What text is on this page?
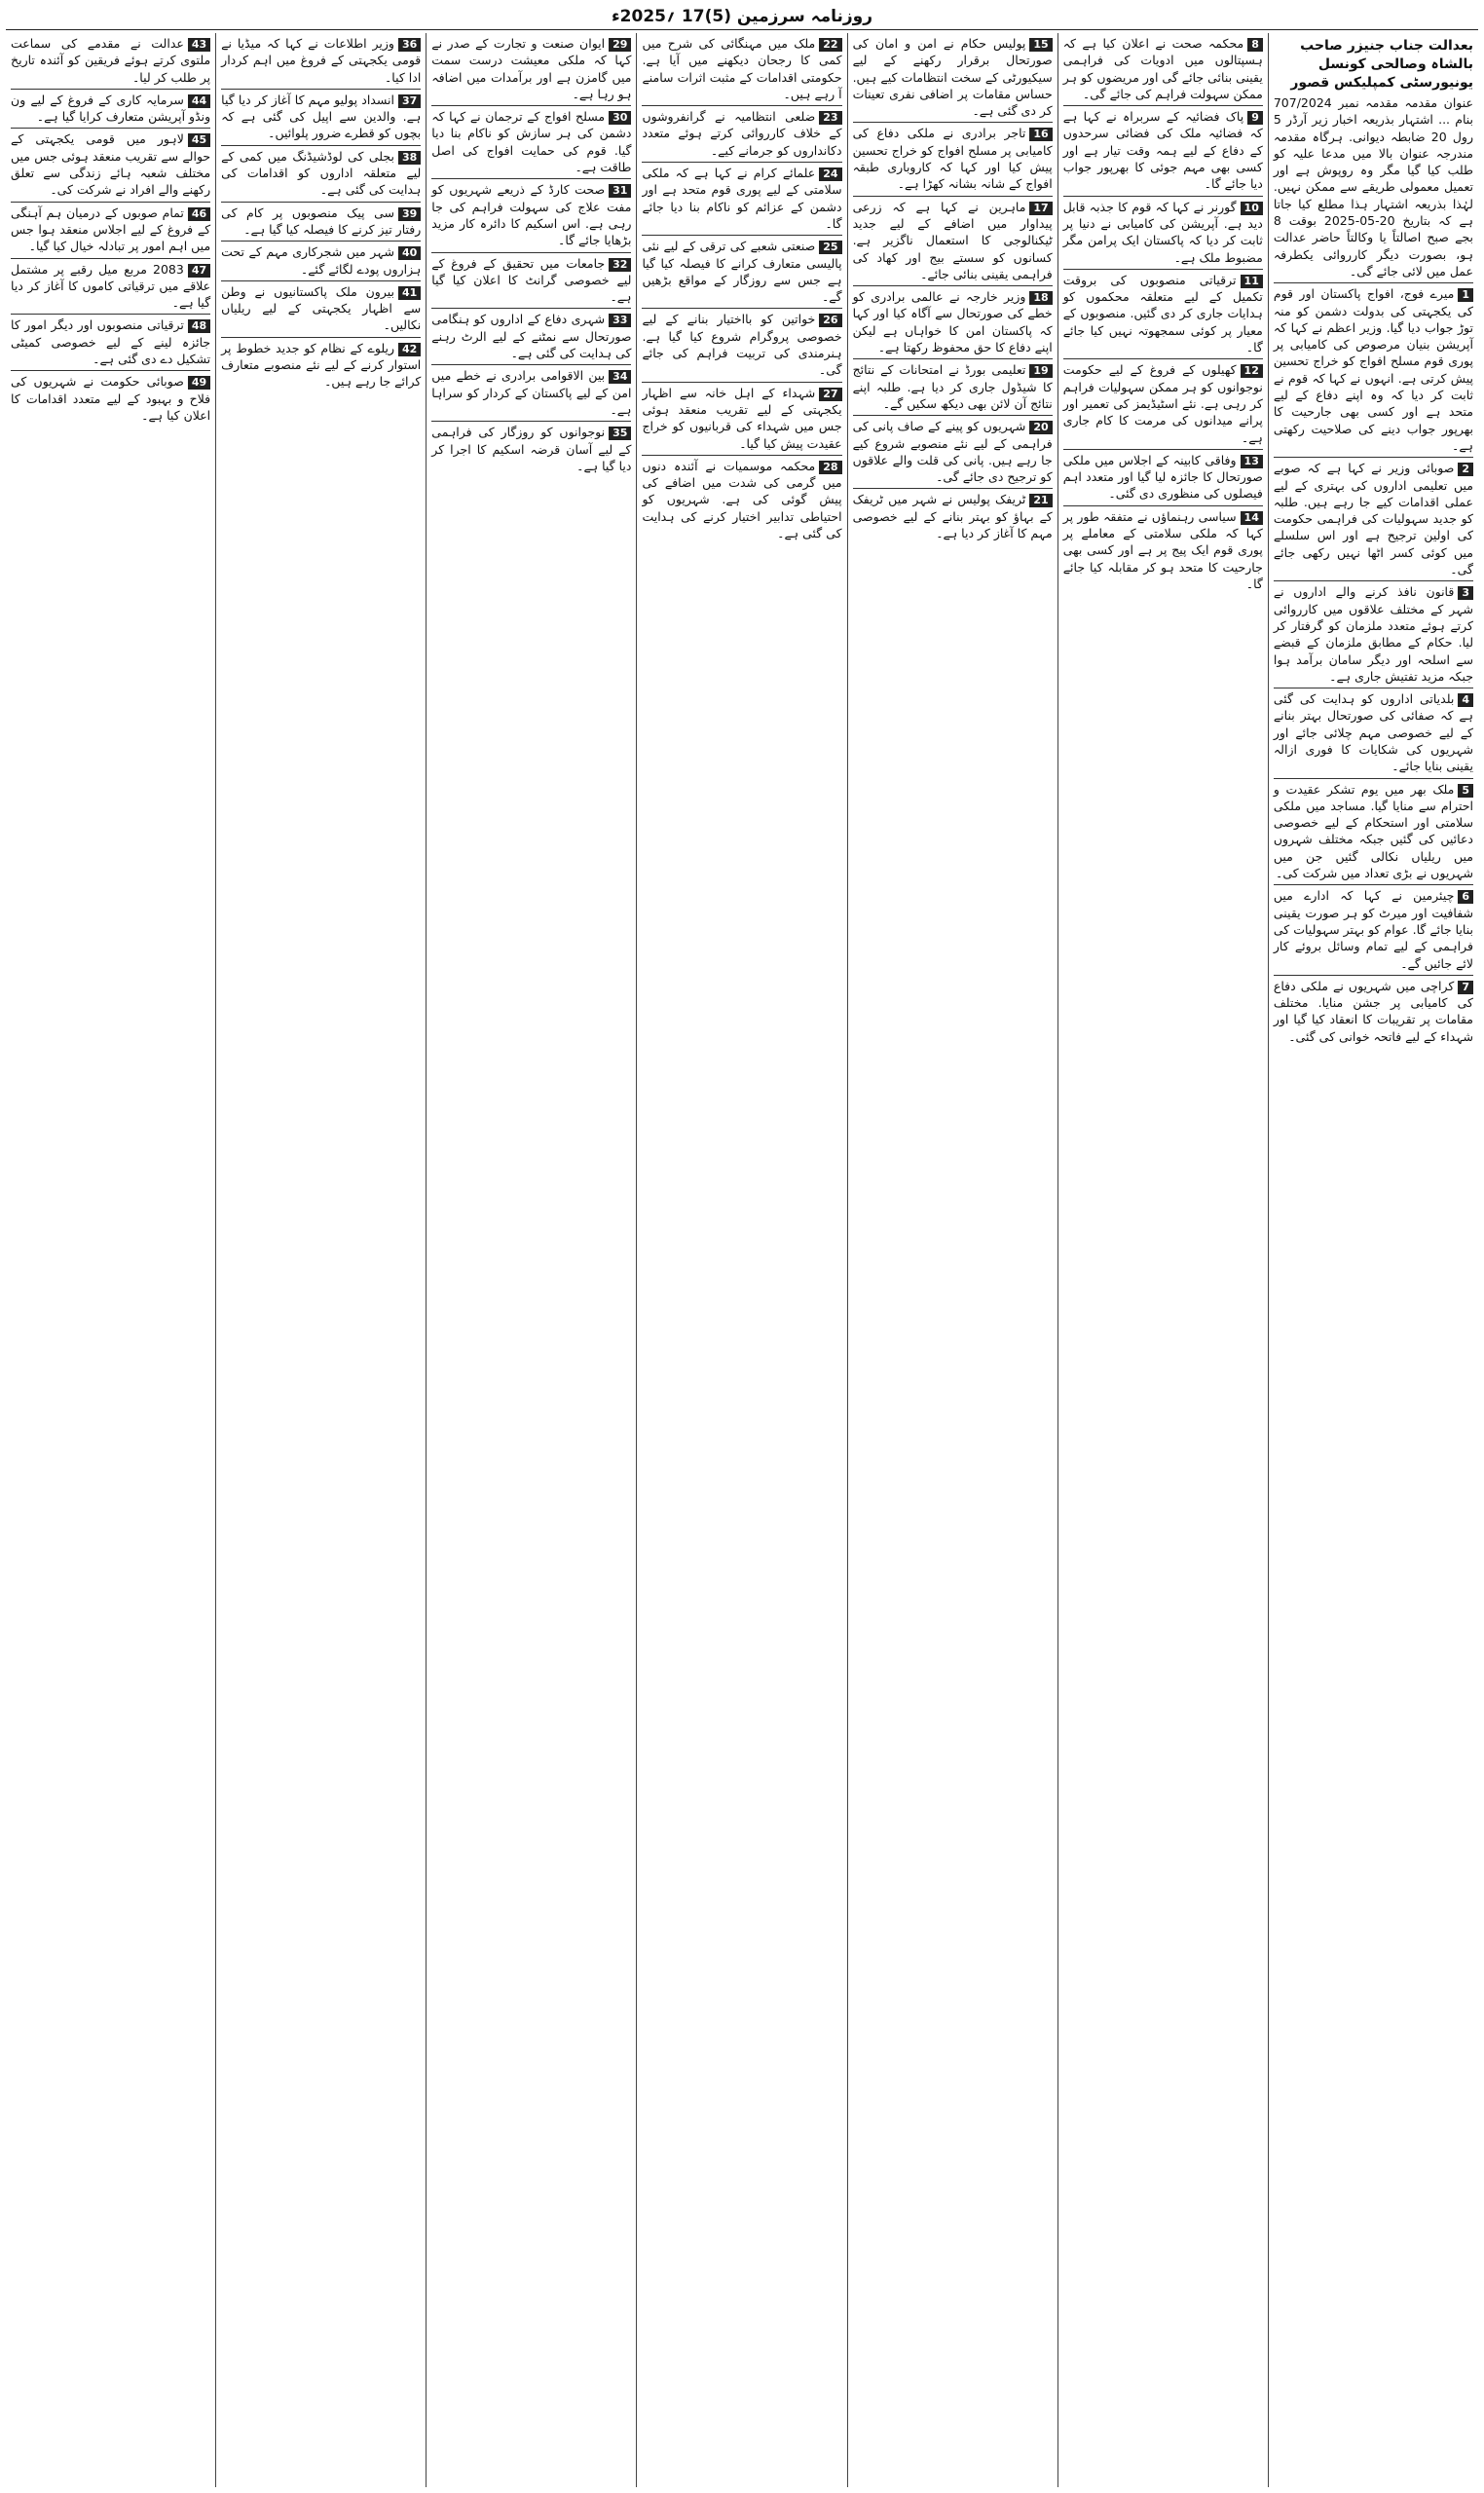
روزنامہ سرزمین (5)17 ؍2025ء
بعدالت جناب جنیزر صاحب بالشاہ وصالحی کونسل یونیورسٹی کمپلیکس قصور
عنوان مقدمہ مقدمہ نمبر 707/2024 بنام ... اشتہار بذریعہ اخبار زیر آرڈر 5 رول 20 ضابطہ دیوانی. ہرگاہ مقدمہ مندرجہ عنوان بالا میں مدعا علیہ کو طلب کیا گیا مگر وہ روپوش ہے اور تعمیل معمولی طریقے سے ممکن نہیں. لہٰذا بذریعہ اشتہار ہذا مطلع کیا جاتا ہے کہ بتاریخ 20-05-2025 بوقت 8 بجے صبح اصالتاً یا وکالتاً حاضر عدالت ہو، بصورت دیگر کارروائی یکطرفہ عمل میں لائی جائے گی۔
1میرے فوج، افواج پاکستان اور قوم کی یکجہتی کی بدولت دشمن کو منہ توڑ جواب دیا گیا. وزیر اعظم نے کہا کہ آپریشن بنیان مرصوص کی کامیابی پر پوری قوم مسلح افواج کو خراج تحسین پیش کرتی ہے. انہوں نے کہا کہ قوم نے ثابت کر دیا کہ وہ اپنے دفاع کے لیے متحد ہے اور کسی بھی جارحیت کا بھرپور جواب دینے کی صلاحیت رکھتی ہے۔
2صوبائی وزیر نے کہا ہے کہ صوبے میں تعلیمی اداروں کی بہتری کے لیے عملی اقدامات کیے جا رہے ہیں. طلبہ کو جدید سہولیات کی فراہمی حکومت کی اولین ترجیح ہے اور اس سلسلے میں کوئی کسر اٹھا نہیں رکھی جائے گی۔
3قانون نافذ کرنے والے اداروں نے شہر کے مختلف علاقوں میں کارروائی کرتے ہوئے متعدد ملزمان کو گرفتار کر لیا. حکام کے مطابق ملزمان کے قبضے سے اسلحہ اور دیگر سامان برآمد ہوا جبکہ مزید تفتیش جاری ہے۔
4بلدیاتی اداروں کو ہدایت کی گئی ہے کہ صفائی کی صورتحال بہتر بنانے کے لیے خصوصی مہم چلائی جائے اور شہریوں کی شکایات کا فوری ازالہ یقینی بنایا جائے۔
5ملک بھر میں یوم تشکر عقیدت و احترام سے منایا گیا. مساجد میں ملکی سلامتی اور استحکام کے لیے خصوصی دعائیں کی گئیں جبکہ مختلف شہروں میں ریلیاں نکالی گئیں جن میں شہریوں نے بڑی تعداد میں شرکت کی۔
6چیئرمین نے کہا کہ ادارے میں شفافیت اور میرٹ کو ہر صورت یقینی بنایا جائے گا. عوام کو بہتر سہولیات کی فراہمی کے لیے تمام وسائل بروئے کار لائے جائیں گے۔
7کراچی میں شہریوں نے ملکی دفاع کی کامیابی پر جشن منایا. مختلف مقامات پر تقریبات کا انعقاد کیا گیا اور شہداء کے لیے فاتحہ خوانی کی گئی۔
8محکمہ صحت نے اعلان کیا ہے کہ ہسپتالوں میں ادویات کی فراہمی یقینی بنائی جائے گی اور مریضوں کو ہر ممکن سہولت فراہم کی جائے گی۔
9پاک فضائیہ کے سربراہ نے کہا ہے کہ فضائیہ ملک کی فضائی سرحدوں کے دفاع کے لیے ہمہ وقت تیار ہے اور کسی بھی مہم جوئی کا بھرپور جواب دیا جائے گا۔
10گورنر نے کہا کہ قوم کا جذبہ قابل دید ہے. آپریشن کی کامیابی نے دنیا پر ثابت کر دیا کہ پاکستان ایک پرامن مگر مضبوط ملک ہے۔
11ترقیاتی منصوبوں کی بروقت تکمیل کے لیے متعلقہ محکموں کو ہدایات جاری کر دی گئیں. منصوبوں کے معیار پر کوئی سمجھوتہ نہیں کیا جائے گا۔
12کھیلوں کے فروغ کے لیے حکومت نوجوانوں کو ہر ممکن سہولیات فراہم کر رہی ہے. نئے اسٹیڈیمز کی تعمیر اور پرانے میدانوں کی مرمت کا کام جاری ہے۔
13وفاقی کابینہ کے اجلاس میں ملکی صورتحال کا جائزہ لیا گیا اور متعدد اہم فیصلوں کی منظوری دی گئی۔
14سیاسی رہنماؤں نے متفقہ طور پر کہا کہ ملکی سلامتی کے معاملے پر پوری قوم ایک پیج پر ہے اور کسی بھی جارحیت کا متحد ہو کر مقابلہ کیا جائے گا۔
15پولیس حکام نے امن و امان کی صورتحال برقرار رکھنے کے لیے سیکیورٹی کے سخت انتظامات کیے ہیں. حساس مقامات پر اضافی نفری تعینات کر دی گئی ہے۔
16تاجر برادری نے ملکی دفاع کی کامیابی پر مسلح افواج کو خراج تحسین پیش کیا اور کہا کہ کاروباری طبقہ افواج کے شانہ بشانہ کھڑا ہے۔
17ماہرین نے کہا ہے کہ زرعی پیداوار میں اضافے کے لیے جدید ٹیکنالوجی کا استعمال ناگزیر ہے. کسانوں کو سستے بیج اور کھاد کی فراہمی یقینی بنائی جائے۔
18وزیر خارجہ نے عالمی برادری کو خطے کی صورتحال سے آگاہ کیا اور کہا کہ پاکستان امن کا خواہاں ہے لیکن اپنے دفاع کا حق محفوظ رکھتا ہے۔
19تعلیمی بورڈ نے امتحانات کے نتائج کا شیڈول جاری کر دیا ہے. طلبہ اپنے نتائج آن لائن بھی دیکھ سکیں گے۔
20شہریوں کو پینے کے صاف پانی کی فراہمی کے لیے نئے منصوبے شروع کیے جا رہے ہیں. پانی کی قلت والے علاقوں کو ترجیح دی جائے گی۔
21ٹریفک پولیس نے شہر میں ٹریفک کے بہاؤ کو بہتر بنانے کے لیے خصوصی مہم کا آغاز کر دیا ہے۔
22ملک میں مہنگائی کی شرح میں کمی کا رجحان دیکھنے میں آیا ہے. حکومتی اقدامات کے مثبت اثرات سامنے آ رہے ہیں۔
23ضلعی انتظامیہ نے گرانفروشوں کے خلاف کارروائی کرتے ہوئے متعدد دکانداروں کو جرمانے کیے۔
24علمائے کرام نے کہا ہے کہ ملکی سلامتی کے لیے پوری قوم متحد ہے اور دشمن کے عزائم کو ناکام بنا دیا جائے گا۔
25صنعتی شعبے کی ترقی کے لیے نئی پالیسی متعارف کرانے کا فیصلہ کیا گیا ہے جس سے روزگار کے مواقع بڑھیں گے۔
26خواتین کو بااختیار بنانے کے لیے خصوصی پروگرام شروع کیا گیا ہے. ہنرمندی کی تربیت فراہم کی جائے گی۔
27شہداء کے اہل خانہ سے اظہار یکجہتی کے لیے تقریب منعقد ہوئی جس میں شہداء کی قربانیوں کو خراج عقیدت پیش کیا گیا۔
28محکمہ موسمیات نے آئندہ دنوں میں گرمی کی شدت میں اضافے کی پیش گوئی کی ہے. شہریوں کو احتیاطی تدابیر اختیار کرنے کی ہدایت کی گئی ہے۔
29ایوان صنعت و تجارت کے صدر نے کہا کہ ملکی معیشت درست سمت میں گامزن ہے اور برآمدات میں اضافہ ہو رہا ہے۔
30مسلح افواج کے ترجمان نے کہا کہ دشمن کی ہر سازش کو ناکام بنا دیا گیا. قوم کی حمایت افواج کی اصل طاقت ہے۔
31صحت کارڈ کے ذریعے شہریوں کو مفت علاج کی سہولت فراہم کی جا رہی ہے. اس اسکیم کا دائرہ کار مزید بڑھایا جائے گا۔
32جامعات میں تحقیق کے فروغ کے لیے خصوصی گرانٹ کا اعلان کیا گیا ہے۔
33شہری دفاع کے اداروں کو ہنگامی صورتحال سے نمٹنے کے لیے الرٹ رہنے کی ہدایت کی گئی ہے۔
34بین الاقوامی برادری نے خطے میں امن کے لیے پاکستان کے کردار کو سراہا ہے۔
35نوجوانوں کو روزگار کی فراہمی کے لیے آسان قرضہ اسکیم کا اجرا کر دیا گیا ہے۔
36وزیر اطلاعات نے کہا کہ میڈیا نے قومی یکجہتی کے فروغ میں اہم کردار ادا کیا۔
37انسداد پولیو مہم کا آغاز کر دیا گیا ہے. والدین سے اپیل کی گئی ہے کہ بچوں کو قطرے ضرور پلوائیں۔
38بجلی کی لوڈشیڈنگ میں کمی کے لیے متعلقہ اداروں کو اقدامات کی ہدایت کی گئی ہے۔
39سی پیک منصوبوں پر کام کی رفتار تیز کرنے کا فیصلہ کیا گیا ہے۔
40شہر میں شجرکاری مہم کے تحت ہزاروں پودے لگائے گئے۔
41بیرون ملک پاکستانیوں نے وطن سے اظہار یکجہتی کے لیے ریلیاں نکالیں۔
42ریلوے کے نظام کو جدید خطوط پر استوار کرنے کے لیے نئے منصوبے متعارف کرائے جا رہے ہیں۔
43عدالت نے مقدمے کی سماعت ملتوی کرتے ہوئے فریقین کو آئندہ تاریخ پر طلب کر لیا۔
44سرمایہ کاری کے فروغ کے لیے ون ونڈو آپریشن متعارف کرایا گیا ہے۔
45لاہور میں قومی یکجہتی کے حوالے سے تقریب منعقد ہوئی جس میں مختلف شعبہ ہائے زندگی سے تعلق رکھنے والے افراد نے شرکت کی۔
46تمام صوبوں کے درمیان ہم آہنگی کے فروغ کے لیے اجلاس منعقد ہوا جس میں اہم امور پر تبادلہ خیال کیا گیا۔
472083 مربع میل رقبے پر مشتمل علاقے میں ترقیاتی کاموں کا آغاز کر دیا گیا ہے۔
48ترقیاتی منصوبوں اور دیگر امور کا جائزہ لینے کے لیے خصوصی کمیٹی تشکیل دے دی گئی ہے۔
49صوبائی حکومت نے شہریوں کی فلاح و بہبود کے لیے متعدد اقدامات کا اعلان کیا ہے۔
